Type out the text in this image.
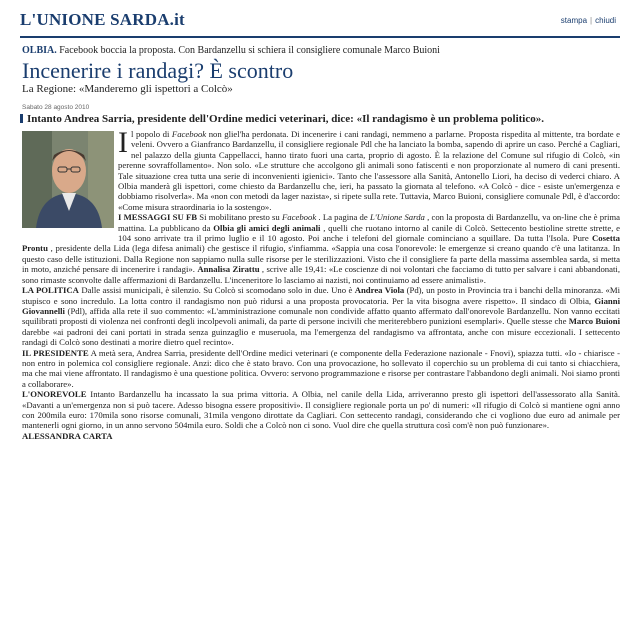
L'UNIONE SARDA.it	stampa | chiudi
OLBIA. Facebook boccia la proposta. Con Bardanzellu si schiera il consigliere comunale Marco Buioni
Incenerire i randagi? È scontro
La Regione: «Manderemo gli ispettori a Colcò»
Sabato 28 agosto 2010
Intanto Andrea Sarria, presidente dell'Ordine medici veterinari, dice: «Il randagismo è un problema politico».
I l popolo di Facebook non gliel'ha perdonata. Di incenerire i cani randagi, nemmeno a parlarne. Proposta rispedita al mittente, tra bordate e veleni. Ovvero a Gianfranco Bardanzellu, il consigliere regionale Pdl che ha lanciato la bomba, sapendo di aprire un caso. Perché a Cagliari, nel palazzo della giunta Cappellacci, hanno tirato fuori una carta, proprio di agosto. È la relazione del Comune sul rifugio di Colcò, «in perenne sovraffollamento». Non solo. «Le strutture che accolgono gli animali sono fatiscenti e non proporzionate al numero di cani presenti. Tale situazione crea tutta una serie di inconvenienti igienici». Tanto che l'assessore alla Sanità, Antonello Liori, ha deciso di vederci chiaro. A Olbia manderà gli ispettori, come chiesto da Bardanzellu che, ieri, ha passato la giornata al telefono. «A Colcò - dice - esiste un'emergenza e dobbiamo risolverla». Ma «non con metodi da lager nazista», si ripete sulla rete. Tuttavia, Marco Buioni, consigliere comunale Pdl, è d'accordo: «Come misura straordinaria io la sostengo».

I MESSAGGI SU FB Si mobilitano presto su Facebook . La pagina de L'Unione Sarda , con la proposta di Bardanzellu, va on-line che è prima mattina. La pubblicano da Olbia gli amici degli animali , quelli che ruotano intorno al canile di Colcò. Settecento bestioline strette strette, e 104 sono arrivate tra il primo luglio e il 10 agosto. Poi anche i telefoni del giornale cominciano a squillare. Da tutta l'Isola. Pure Cosetta Prontu , presidente della Lida (lega difesa animali) che gestisce il rifugio, s'infiamma. «Sappia una cosa l'onorevole: le emergenze si creano quando c'è una latitanza. In questo caso delle istituzioni. Dalla Regione non sappiamo nulla sulle risorse per le sterilizzazioni. Visto che il consigliere fa parte della massima assemblea sarda, si metta in moto, anziché pensare di incenerire i randagi». Annalisa Zirattu , scrive alle 19,41: «Le coscienze di noi volontari che facciamo di tutto per salvare i cani abbandonati, sono rimaste sconvolte dalle affermazioni di Bardanzellu. L'inceneritore lo lasciamo ai nazisti, noi continuiamo ad essere animalisti».

LA POLITICA Dalle assisi municipali, è silenzio. Su Colcò si scomodano solo in due. Uno è Andrea Viola (Pd), un posto in Provincia tra i banchi della minoranza. «Mi stupisco e sono incredulo. La lotta contro il randagismo non può ridursi a una proposta provocatoria. Per la vita bisogna avere rispetto». Il sindaco di Olbia, Gianni Giovannelli (Pdl), affida alla rete il suo commento: «L'amministrazione comunale non condivide affatto quanto affermato dall'onorevole Bardanzellu. Non vanno eccitati squilibrati proposti di violenza nei confronti degli incolpevoli animali, da parte di persone incivili che meriterebbero punizioni esemplari». Quelle stesse che Marco Buioni darebbe «ai padroni dei cani portati in strada senza guinzaglio e museruola, ma l'emergenza del randagismo va affrontata, anche con misure eccezionali. I settecento randagi di Colcò sono destinati a morire dietro quel recinto».

IL PRESIDENTE A metà sera, Andrea Sarria, presidente dell'Ordine medici veterinari (e componente della Federazione nazionale - Fnovi), spiazza tutti. «Io - chiarisce - non entro in polemica col consigliere regionale. Anzi: dico che è stato bravo. Con una provocazione, ho sollevato il coperchio su un problema di cui tanto si chiacchiera, ma che mai viene affrontato. Il randagismo è una questione politica. Ovvero: servono programmazione e risorse per contrastare l'abbandono degli animali. Noi siamo pronti a collaborare».

L'ONOREVOLE Intanto Bardanzellu ha incassato la sua prima vittoria. A Olbia, nel canile della Lida, arriveranno presto gli ispettori dell'assessorato alla Sanità. «Davanti a un'emergenza non si può tacere. Adesso bisogna essere propositivi». Il consigliere regionale porta un po' di numeri: «Il rifugio di Colcò si mantiene ogni anno con 200mila euro: 170mila sono risorse comunali, 31mila vengono dirottate da Cagliari. Con settecento randagi, considerando che ci vogliono due euro ad animale per mantenerli ogni giorno, in un anno servono 504mila euro. Soldi che a Colcò non ci sono. Vuol dire che quella struttura così com'è non può funzionare».

ALESSANDRA CARTA
